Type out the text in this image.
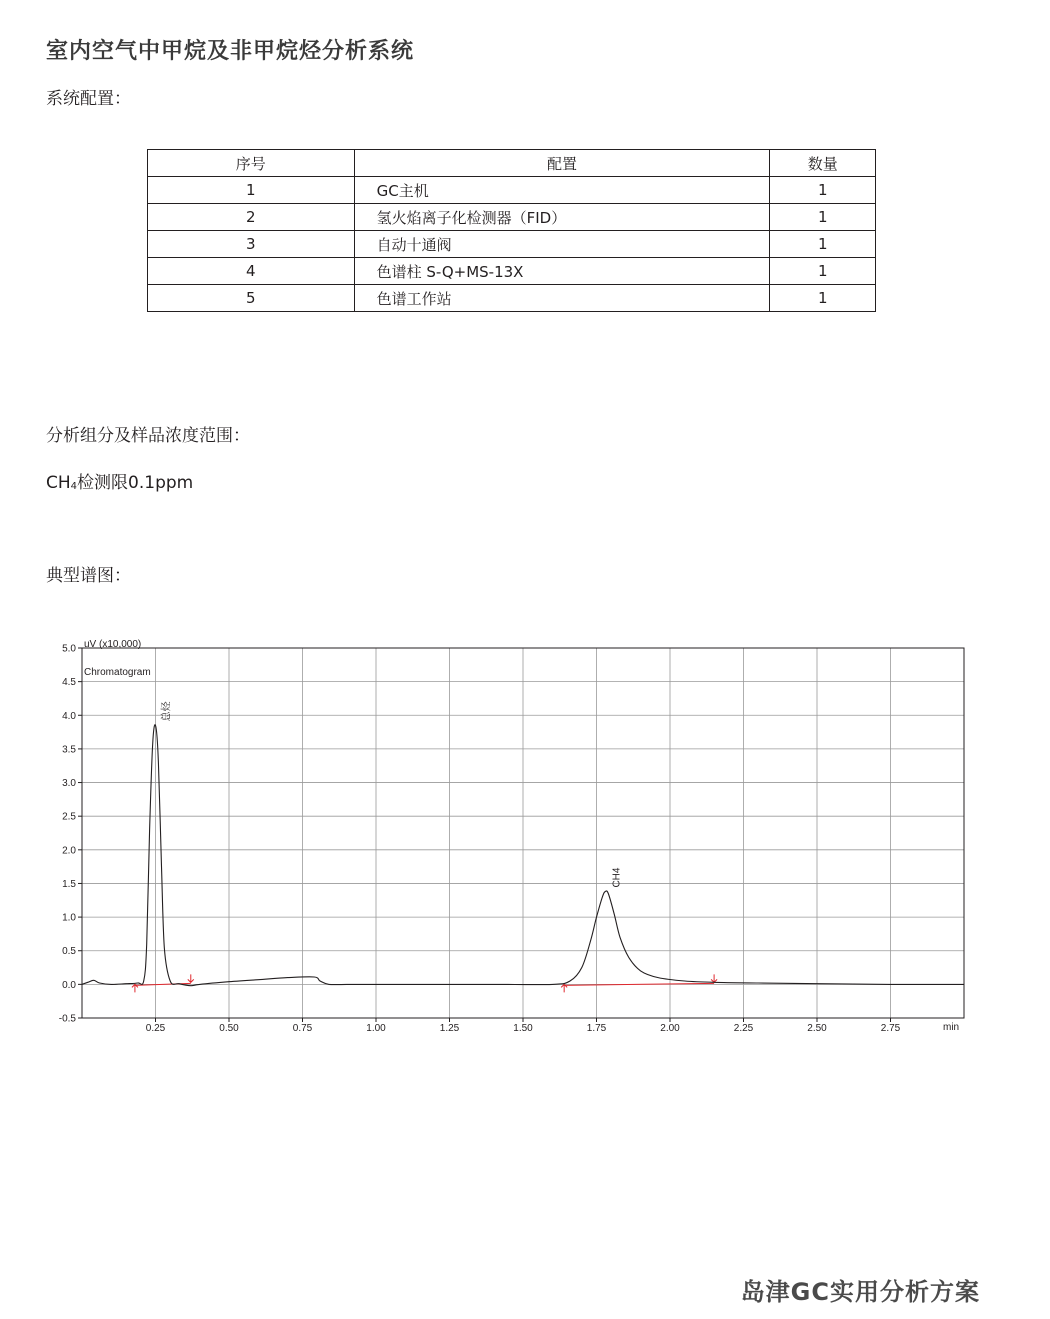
室内空气中甲烷及非甲烷烃分析系统
系统配置：
序号	配置	数量
1	GC主机	1
2	氢火焰离子化检测器（FID）	1
3	自动十通阀	1
4	色谱柱 S-Q+MS-13X	1
5	色谱工作站	1
分析组分及样品浓度范围：
$CH_4$检测限0.1ppm
典型谱图：
5.0
4.5
4.0
3.5
3.0
2.5
2.0
1.5
1.0
0.5
0.0
-0.5
0.25	0.50	0.75	1.00	1.25	1.50	1.75	2.00	2.25	2.50	2.75
uV (x10,000)
Chromatogram
min
总烃
CH4
岛津GC实用分析方案
